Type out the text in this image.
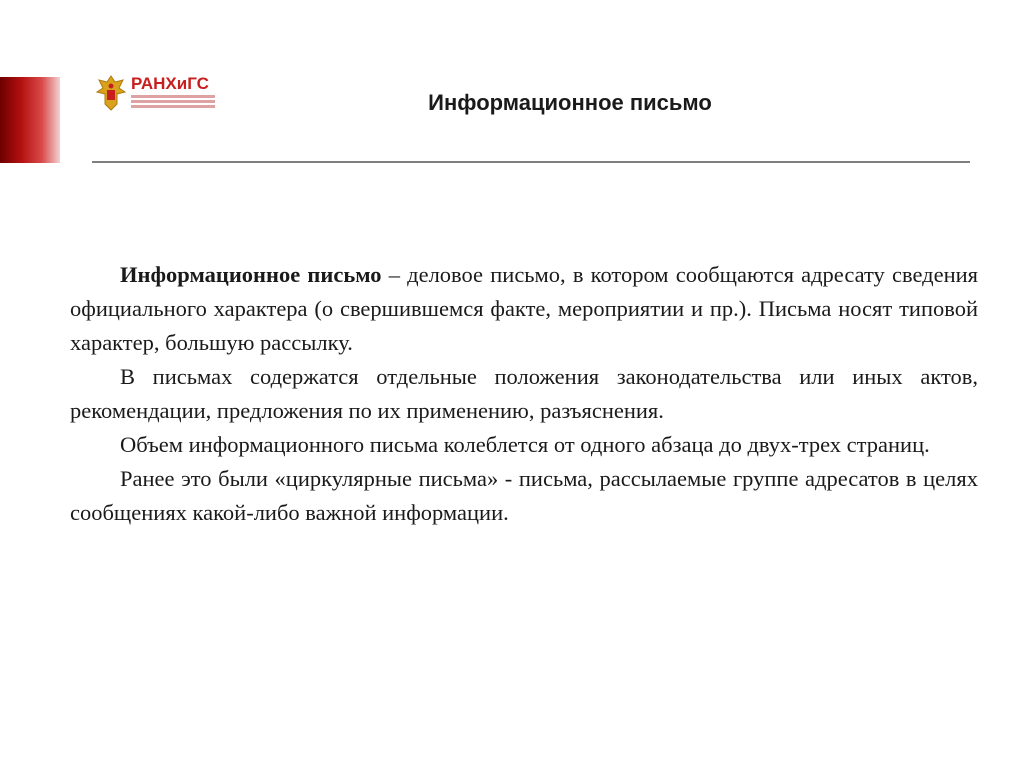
РАНХиГС
Информационное письмо

Информационное письмо – деловое письмо, в котором сообщаются адресату сведения официального характера (о свершившемся факте, мероприятии и пр.). Письма носят типовой характер, большую рассылку.

В письмах содержатся отдельные положения законодательства или иных актов, рекомендации, предложения по их применению, разъяснения.

Объем информационного письма колеблется от одного абзаца до двух-трех страниц.

Ранее это были «циркулярные письма» - письма, рассылаемые группе адресатов в целях сообщениях какой-либо важной информации.
